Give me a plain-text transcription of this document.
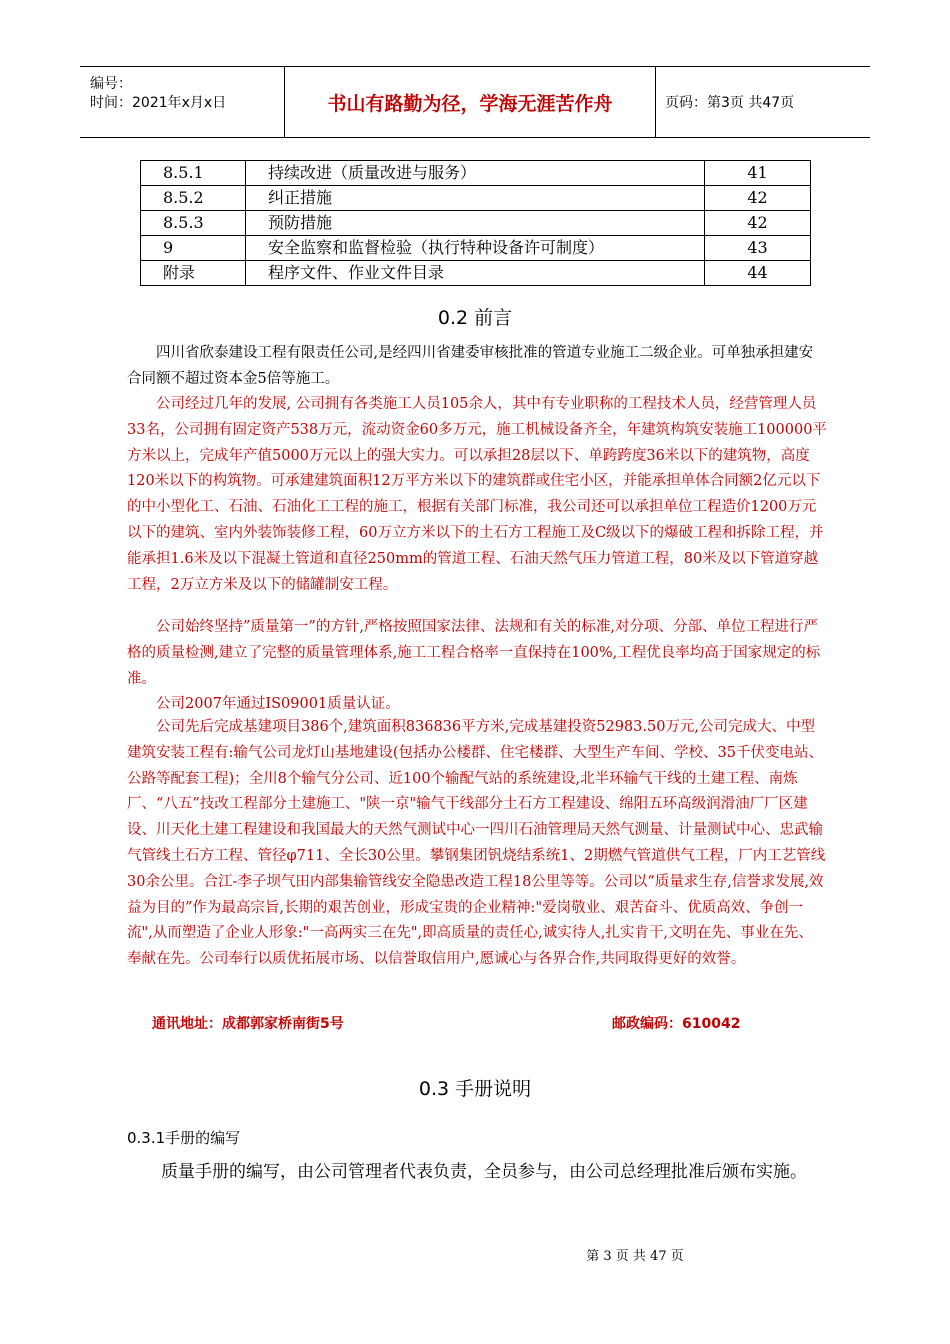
编号：
时间：2021年x月x日	书山有路勤为径，学海无涯苦作舟	页码：第3页 共47页
8.5.1	持续改进（质量改进与服务）	41
8.5.2	纠正措施	42
8.5.3	预防措施	42
9	安全监察和监督检验（执行特种设备许可制度）	43
附录	程序文件、作业文件目录	44
0.2 前言

　　四川省欣泰建设工程有限责任公司,是经四川省建委审核批准的管道专业施工二级企业。可单独承担建安合同额不超过资本金5倍等施工。

　　公司经过几年的发展, 公司拥有各类施工人员105余人，其中有专业职称的工程技术人员，经营管理人员33名，公司拥有固定资产538万元，流动资金60多万元，施工机械设备齐全，年建筑构筑安装施工100000平方米以上，完成年产值5000万元以上的强大实力。可以承担28层以下、单跨跨度36米以下的建筑物，高度120米以下的构筑物。可承建建筑面积12万平方米以下的建筑群或住宅小区，并能承担单体合同额2亿元以下的中小型化工、石油、石油化工工程的施工，根据有关部门标准，我公司还可以承担单位工程造价1200万元以下的建筑、室内外装饰装修工程，60万立方米以下的土石方工程施工及C级以下的爆破工程和拆除工程，并能承担1.6米及以下混凝土管道和直径250mm的管道工程、石油天然气压力管道工程，80米及以下管道穿越工程，2万立方米及以下的储罐制安工程。

　　公司始终坚持”质量第一”的方针,严格按照国家法律、法规和有关的标准,对分项、分部、单位工程进行严格的质量检测,建立了完整的质量管理体系,施工工程合格率一直保持在100%,工程优良率均高于国家规定的标准。

　　公司2007年通过IS09001质量认证。

　　公司先后完成基建项目386个,建筑面积836836平方米,完成基建投资52983.50万元,公司完成大、中型建筑安装工程有:输气公司龙灯山基地建设(包括办公楼群、住宅楼群、大型生产车间、学校、35千伏变电站、公路等配套工程)；全川8个输气分公司、近100个输配气站的系统建设,北半环输气干线的土建工程、南炼厂、“八五”技改工程部分土建施工、"陕一京"输气干线部分土石方工程建设、绵阳五环高级润滑油厂厂区建设、川天化土建工程建设和我国最大的天然气测试中心一四川石油管理局天然气测量、计量测试中心、忠武输气管线土石方工程、管径φ711、全长30公里。攀钢集团钒烧结系统1、2期燃气管道供气工程，厂内工艺管线30余公里。合江-李子坝气田内部集输管线安全隐患改造工程18公里等等。公司以“质量求生存,信誉求发展,效益为目的”作为最高宗旨,长期的艰苦创业，形成宝贵的企业精神:"爱岗敬业、艰苦奋斗、优质高效、争创一流",从而塑造了企业人形象:"一高两实三在先",即高质量的责任心,诚实待人,扎实肯干,文明在先、事业在先、奉献在先。公司奉行以质优拓展市场、以信誉取信用户,愿诚心与各界合作,共同取得更好的效誉。

通讯地址：成都郭家桥南街5号	邮政编码：610042
0.3 手册说明
0.3.1手册的编写

　　质量手册的编写，由公司管理者代表负责，全员参与，由公司总经理批准后颁布实施。

第 3 页 共 47 页
